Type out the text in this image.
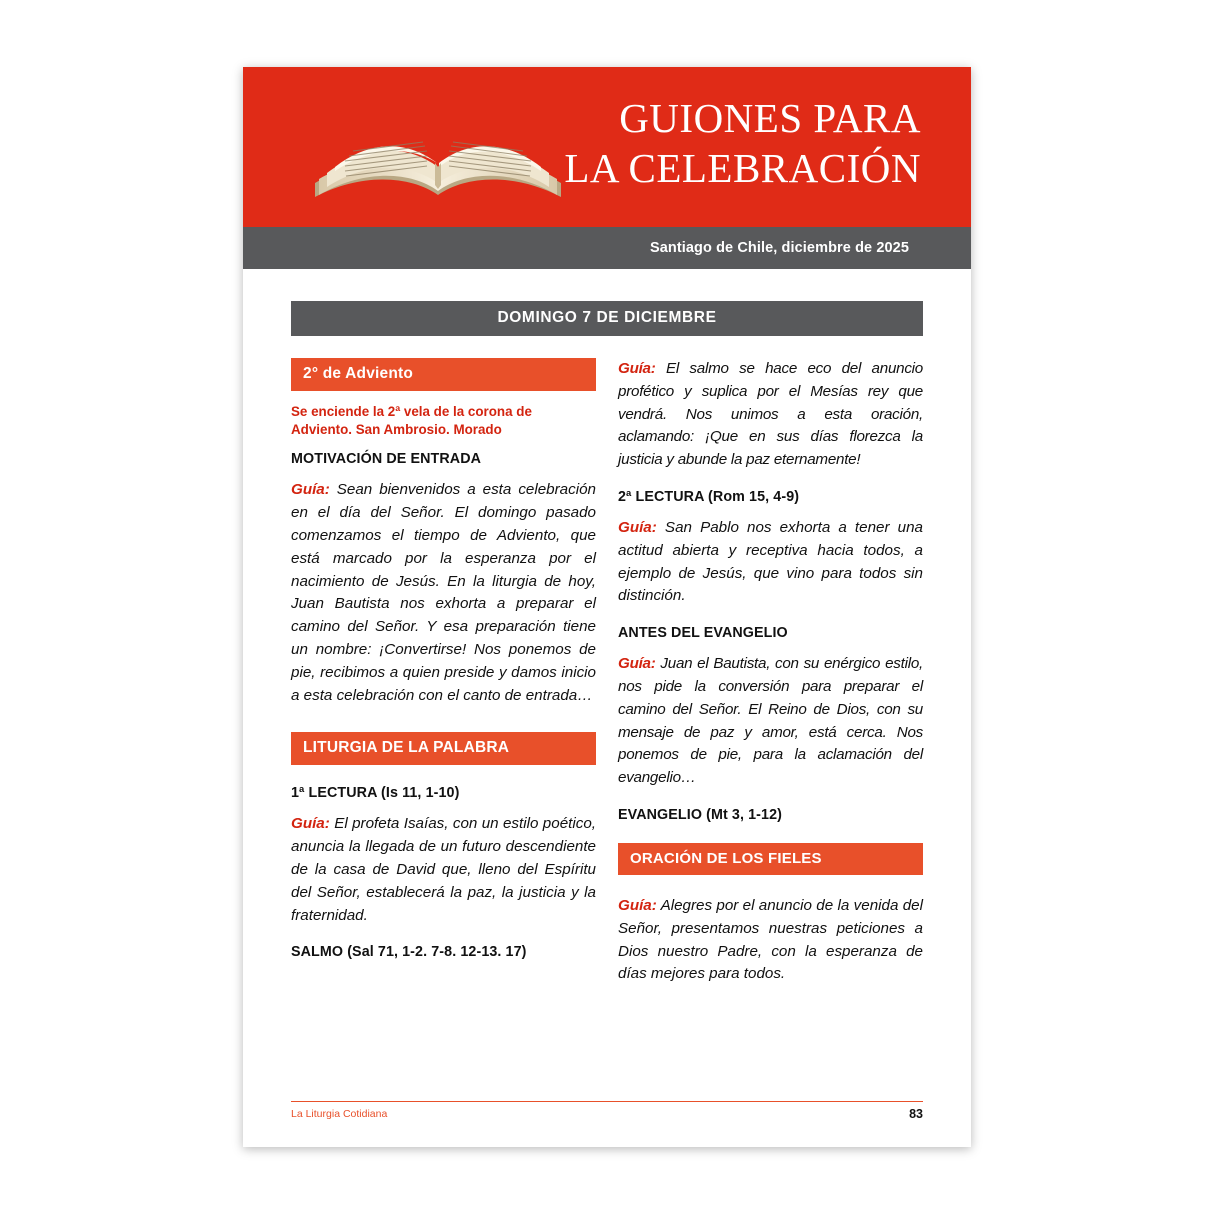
GUIONES PARA
LA CELEBRACIÓN
Santiago de Chile, diciembre de 2025
DOMINGO 7 DE DICIEMBRE
2° de Adviento
Se enciende la 2ª vela de la corona de Adviento. San Ambrosio. Morado
MOTIVACIÓN DE ENTRADA

Guía: Sean bienvenidos a esta celebración en el día del Señor. El domingo pasado comenzamos el tiempo de Adviento, que está marcado por la esperanza por el nacimiento de Jesús. En la liturgia de hoy, Juan Bautista nos exhorta a preparar el camino del Señor. Y esa preparación tiene un nombre: ¡Convertirse! Nos ponemos de pie, recibimos a quien preside y damos inicio a esta celebración con el canto de entrada…

LITURGIA DE LA PALABRA
1ª LECTURA (Is 11, 1-10)

Guía: El profeta Isaías, con un estilo poético, anuncia la llegada de un futuro descendiente de la casa de David que, lleno del Espíritu del Señor, establecerá la paz, la justicia y la fraternidad.

SALMO (Sal 71, 1-2. 7-8. 12-13. 17)

Guía: El salmo se hace eco del anuncio profético y suplica por el Mesías rey que vendrá. Nos unimos a esta oración, aclamando: ¡Que en sus días florezca la justicia y abunde la paz eternamente!

2ª LECTURA (Rom 15, 4-9)

Guía: San Pablo nos exhorta a tener una actitud abierta y receptiva hacia todos, a ejemplo de Jesús, que vino para todos sin distinción.

ANTES DEL EVANGELIO

Guía: Juan el Bautista, con su enérgico estilo, nos pide la conversión para preparar el camino del Señor. El Reino de Dios, con su mensaje de paz y amor, está cerca. Nos ponemos de pie, para la aclamación del evangelio…

EVANGELIO (Mt 3, 1-12)
ORACIÓN DE LOS FIELES

Guía: Alegres por el anuncio de la venida del Señor, presentamos nuestras peticiones a Dios nuestro Padre, con la esperanza de días mejores para todos.

La Liturgia Cotidiana	83
